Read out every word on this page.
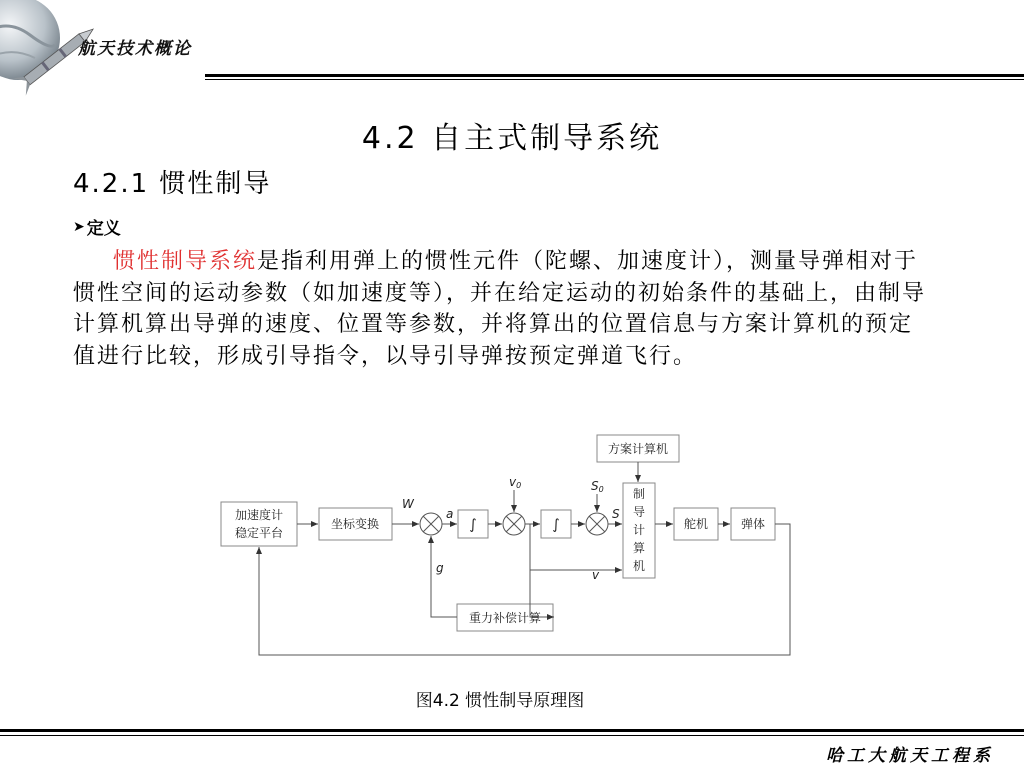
航天技术概论
4.2 自主式制导系统
4.2.1 惯性制导
➤ 定义
惯性制导系统是指利用弹上的惯性元件（陀螺、加速度计），测量导弹相对于惯性空间的运动参数（如加速度等），并在给定运动的初始条件的基础上，由制导计算机算出导弹的速度、位置等参数，并将算出的位置信息与方案计算机的预定值进行比较，形成引导指令，以导引导弹按预定弹道飞行。
加速度计
稳定平台
坐标变换	∫	∫
方案计算机
制
导
计
算
机
舵机	弹体
重力补偿计算
W
a
g
v0	S0
S
v
图4.2 惯性制导原理图
哈工大航天工程系
